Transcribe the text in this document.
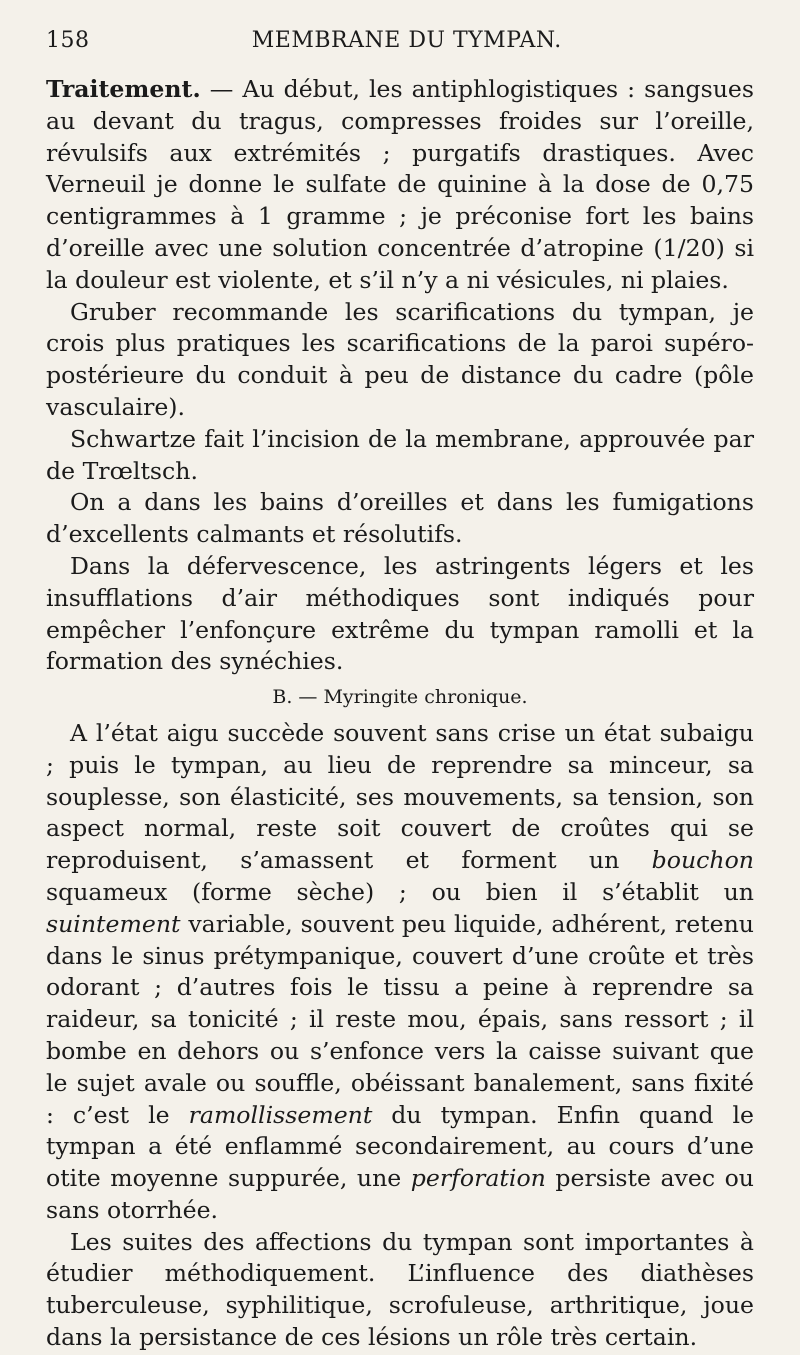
158	MEMBRANE DU TYMPAN.

Traitement. — Au début, les antiphlogistiques : sangsues au devant du tragus, compresses froides sur l’oreille, révulsifs aux extrémités ; purgatifs drastiques. Avec Verneuil je donne le sulfate de quinine à la dose de 0,75 centigrammes à 1 gramme ; je préconise fort les bains d’oreille avec une solution concentrée d’atropine (1/20) si la douleur est violente, et s’il n’y a ni vésicules, ni plaies.

Gruber recommande les scarifications du tympan, je crois plus pratiques les scarifications de la paroi supéro-postérieure du conduit à peu de distance du cadre (pôle vasculaire).

Schwartze fait l’incision de la membrane, approuvée par de Trœltsch.

On a dans les bains d’oreilles et dans les fumigations d’excellents calmants et résolutifs.

Dans la défervescence, les astringents légers et les insufflations d’air méthodiques sont indiqués pour empêcher l’enfonçure extrême du tympan ramolli et la formation des synéchies.

B. — Myringite chronique.

A l’état aigu succède souvent sans crise un état subaigu ; puis le tympan, au lieu de reprendre sa minceur, sa souplesse, son élasticité, ses mouvements, sa tension, son aspect normal, reste soit couvert de croûtes qui se reproduisent, s’amassent et forment un bouchon squameux (forme sèche) ; ou bien il s’établit un suintement variable, souvent peu liquide, adhérent, retenu dans le sinus prétympanique, couvert d’une croûte et très odorant ; d’autres fois le tissu a peine à reprendre sa raideur, sa tonicité ; il reste mou, épais, sans ressort ; il bombe en dehors ou s’enfonce vers la caisse suivant que le sujet avale ou souffle, obéissant banalement, sans fixité : c’est le ramollissement du tympan. Enfin quand le tympan a été enflammé secondairement, au cours d’une otite moyenne suppurée, une perforation persiste avec ou sans otorrhée.

Les suites des affections du tympan sont importantes à étudier méthodiquement. L’influence des diathèses tuberculeuse, syphilitique, scrofuleuse, arthritique, joue dans la persistance de ces lésions un rôle très certain.
